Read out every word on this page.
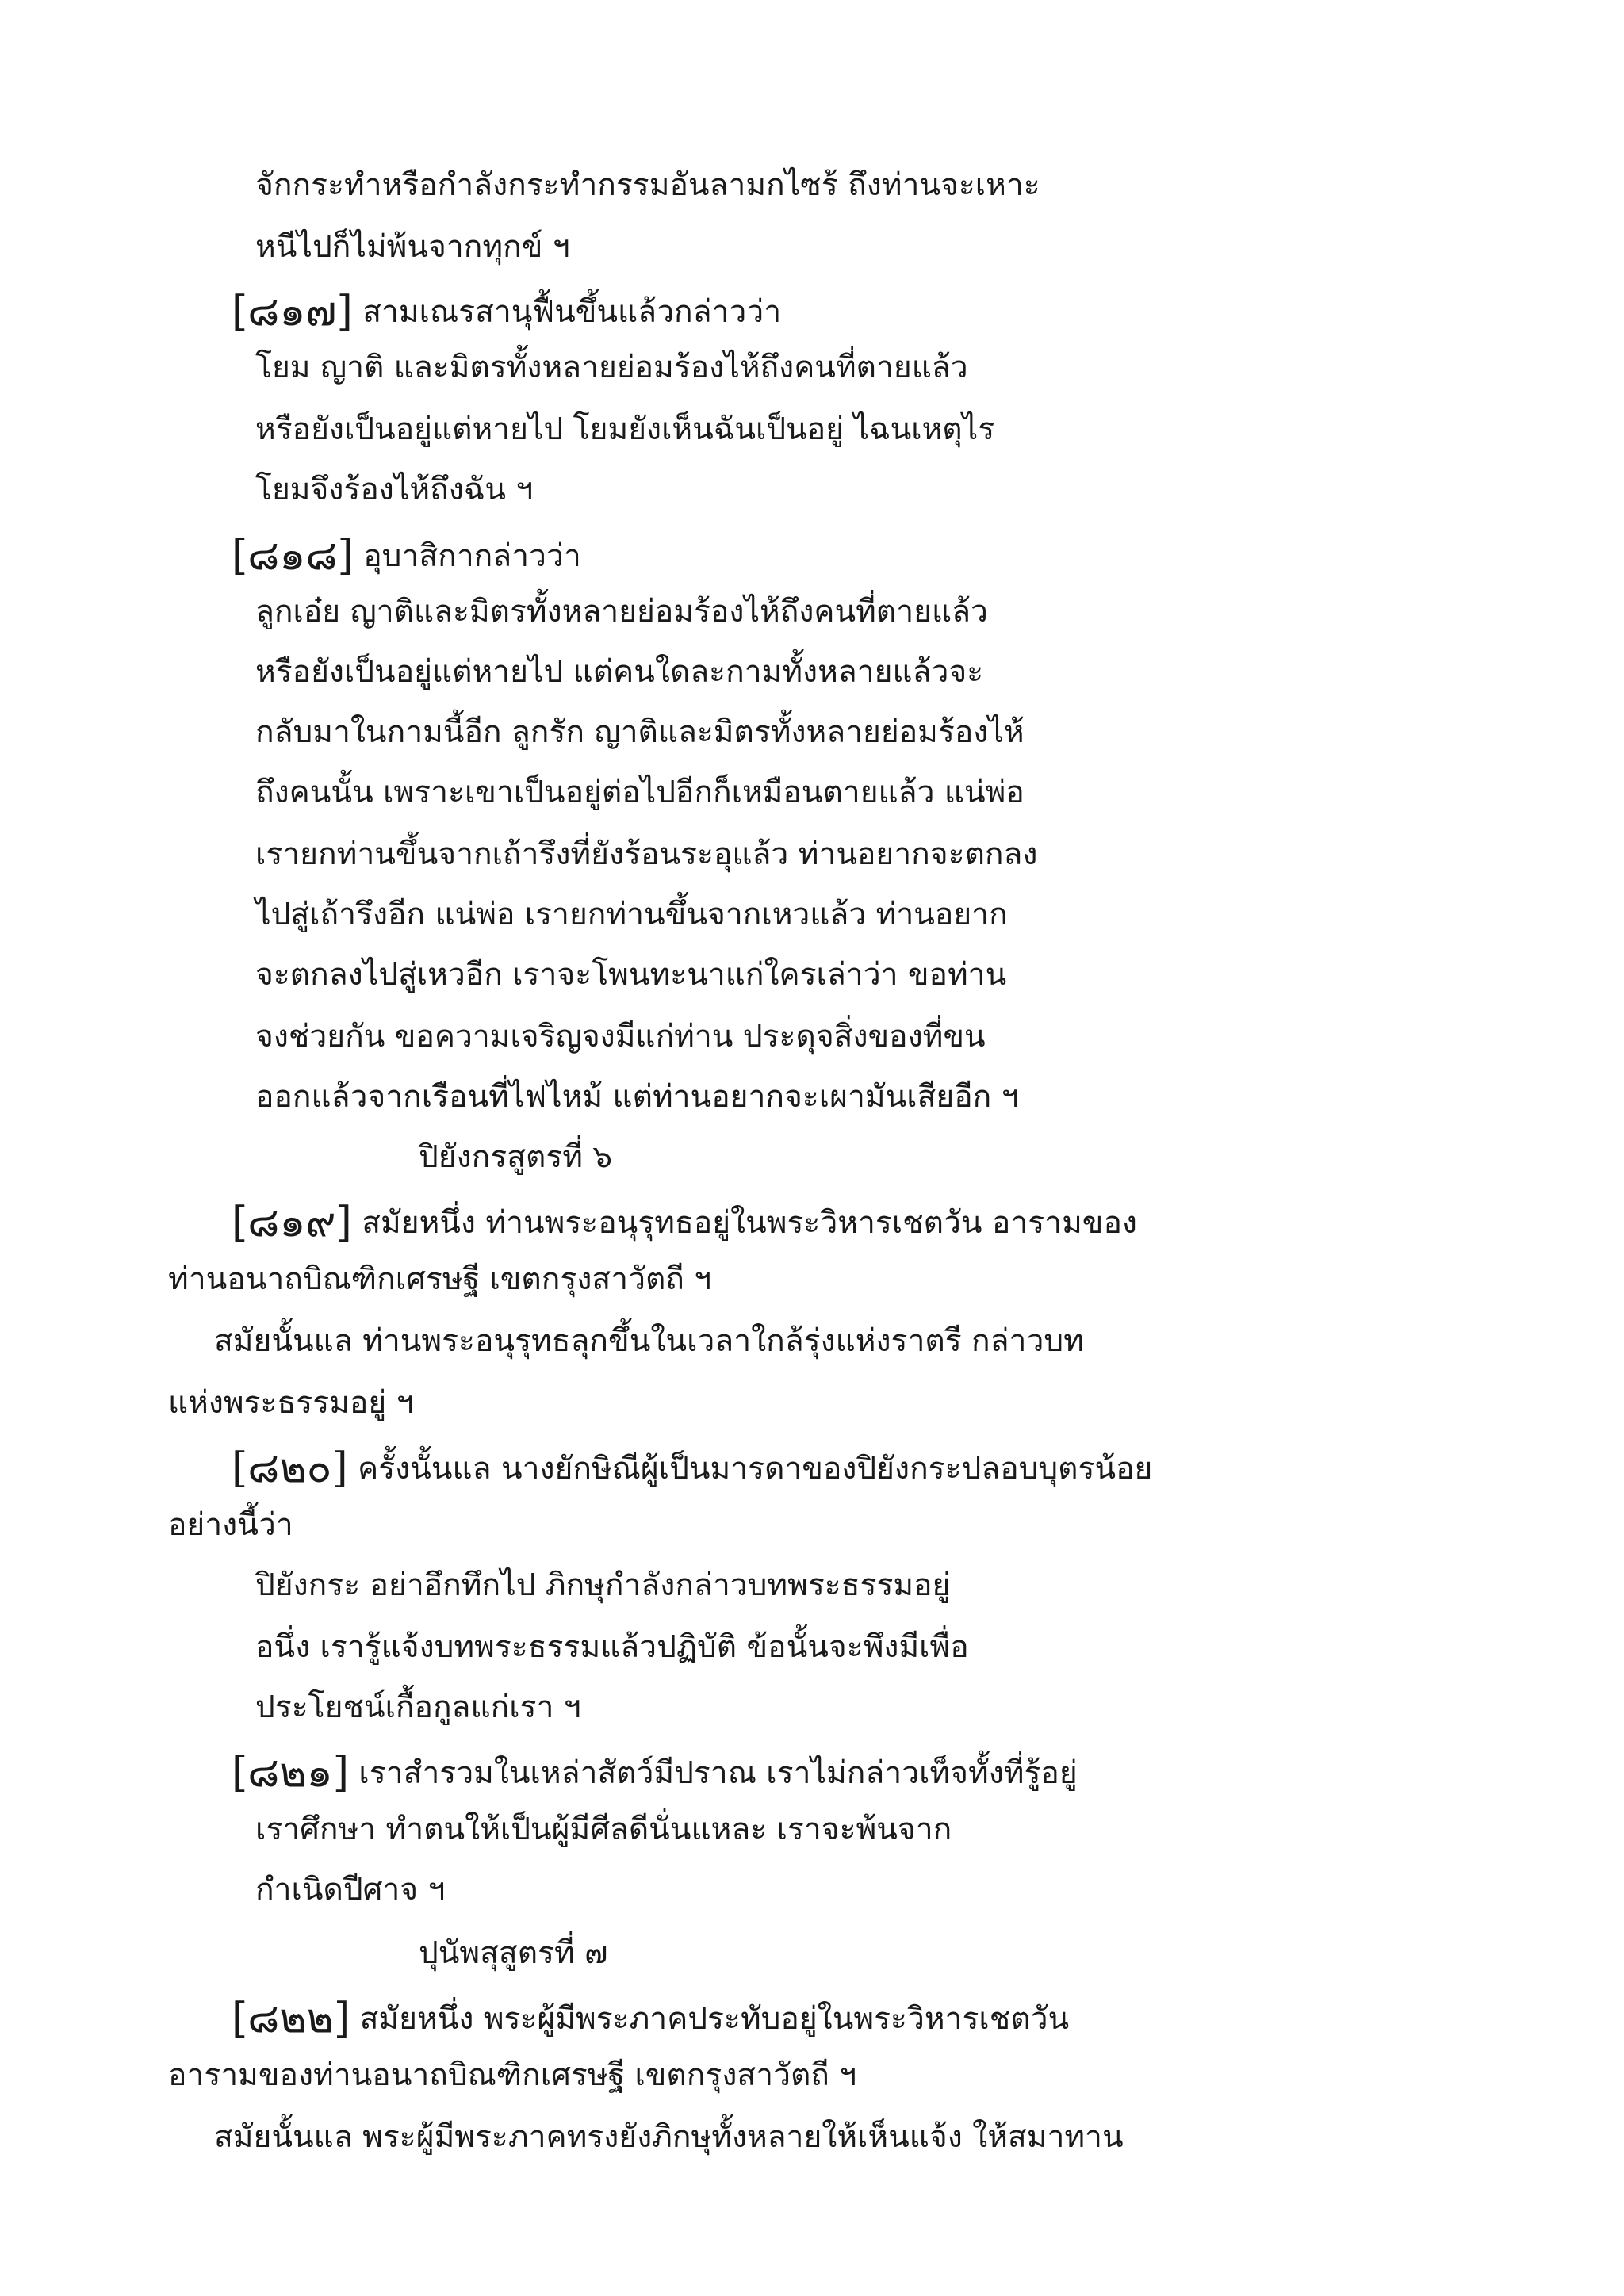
จักกระทำหรือกำลังกระทำกรรมอันลามกไซร้ ถึงท่านจะเหาะ
หนีไปก็ไม่พ้นจากทุกข์ ฯ
[๘๑๗] สามเณรสานุฟื้นขึ้นแล้วกล่าวว่า
โยม ญาติ และมิตรทั้งหลายย่อมร้องไห้ถึงคนที่ตายแล้ว
หรือยังเป็นอยู่แต่หายไป โยมยังเห็นฉันเป็นอยู่ ไฉนเหตุไร
โยมจึงร้องไห้ถึงฉัน ฯ
[๘๑๘] อุบาสิกากล่าวว่า
ลูกเอ๋ย ญาติและมิตรทั้งหลายย่อมร้องไห้ถึงคนที่ตายแล้ว
หรือยังเป็นอยู่แต่หายไป แต่คนใดละกามทั้งหลายแล้วจะ
กลับมาในกามนี้อีก ลูกรัก ญาติและมิตรทั้งหลายย่อมร้องไห้
ถึงคนนั้น เพราะเขาเป็นอยู่ต่อไปอีกก็เหมือนตายแล้ว แน่พ่อ
เรายกท่านขึ้นจากเถ้ารึงที่ยังร้อนระอุแล้ว ท่านอยากจะตกลง
ไปสู่เถ้ารึงอีก แน่พ่อ เรายกท่านขึ้นจากเหวแล้ว ท่านอยาก
จะตกลงไปสู่เหวอีก เราจะโพนทะนาแก่ใครเล่าว่า ขอท่าน
จงช่วยกัน ขอความเจริญจงมีแก่ท่าน ประดุจสิ่งของที่ขน
ออกแล้วจากเรือนที่ไฟไหม้ แต่ท่านอยากจะเผามันเสียอีก ฯ
ปิยังกรสูตรที่ ๖
[๘๑๙] สมัยหนึ่ง ท่านพระอนุรุทธอยู่ในพระวิหารเชตวัน อารามของ
ท่านอนาถบิณฑิกเศรษฐี เขตกรุงสาวัตถี ฯ
สมัยนั้นแล ท่านพระอนุรุทธลุกขึ้นในเวลาใกล้รุ่งแห่งราตรี กล่าวบท
แห่งพระธรรมอยู่ ฯ
[๘๒๐] ครั้งนั้นแล นางยักษิณีผู้เป็นมารดาของปิยังกระปลอบบุตรน้อย
อย่างนี้ว่า
ปิยังกระ อย่าอึกทึกไป ภิกษุกำลังกล่าวบทพระธรรมอยู่
อนึ่ง เรารู้แจ้งบทพระธรรมแล้วปฏิบัติ ข้อนั้นจะพึงมีเพื่อ
ประโยชน์เกื้อกูลแก่เรา ฯ
[๘๒๑] เราสำรวมในเหล่าสัตว์มีปราณ เราไม่กล่าวเท็จทั้งที่รู้อยู่
เราศึกษา ทำตนให้เป็นผู้มีศีลดีนั่นแหละ เราจะพ้นจาก
กำเนิดปีศาจ ฯ
ปุนัพสุสูตรที่ ๗
[๘๒๒] สมัยหนึ่ง พระผู้มีพระภาคประทับอยู่ในพระวิหารเชตวัน
อารามของท่านอนาถบิณฑิกเศรษฐี เขตกรุงสาวัตถี ฯ
สมัยนั้นแล พระผู้มีพระภาคทรงยังภิกษุทั้งหลายให้เห็นแจ้ง ให้สมาทาน
